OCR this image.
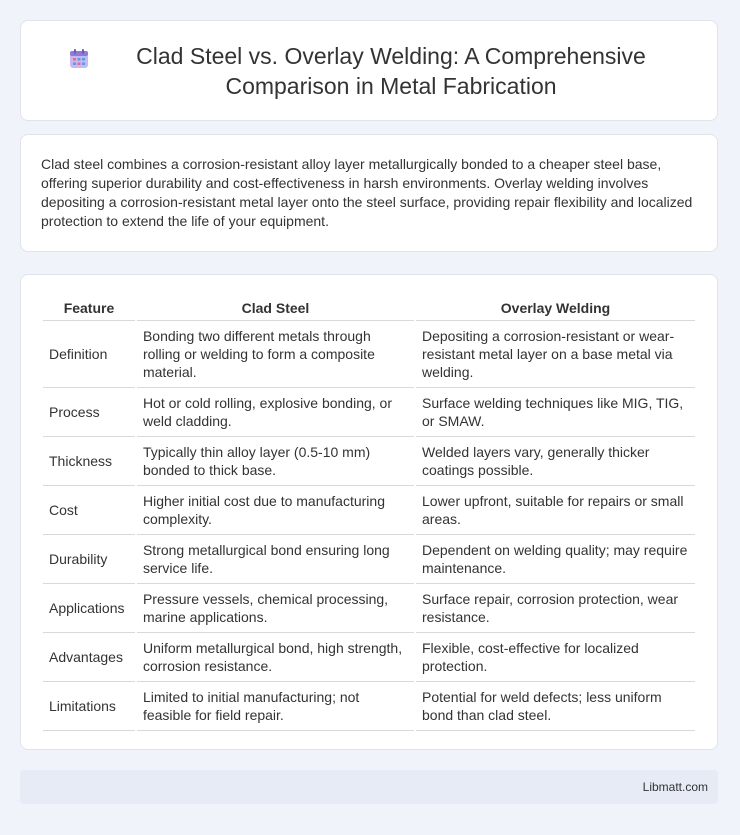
Clad Steel vs. Overlay Welding: A Comprehensive Comparison in Metal Fabrication

Clad steel combines a corrosion-resistant alloy layer metallurgically bonded to a cheaper steel base, offering superior durability and cost-effectiveness in harsh environments. Overlay welding involves depositing a corrosion-resistant metal layer onto the steel surface, providing repair flexibility and localized protection to extend the life of your equipment.

Feature	Clad Steel	Overlay Welding
Definition	Bonding two different metals through rolling or welding to form a composite material.	Depositing a corrosion-resistant or wear-resistant metal layer on a base metal via welding.
Process	Hot or cold rolling, explosive bonding, or weld cladding.	Surface welding techniques like MIG, TIG, or SMAW.
Thickness	Typically thin alloy layer (0.5-10 mm) bonded to thick base.	Welded layers vary, generally thicker coatings possible.
Cost	Higher initial cost due to manufacturing complexity.	Lower upfront, suitable for repairs or small areas.
Durability	Strong metallurgical bond ensuring long service life.	Dependent on welding quality; may require maintenance.
Applications	Pressure vessels, chemical processing, marine applications.	Surface repair, corrosion protection, wear resistance.
Advantages	Uniform metallurgical bond, high strength, corrosion resistance.	Flexible, cost-effective for localized protection.
Limitations	Limited to initial manufacturing; not feasible for field repair.	Potential for weld defects; less uniform bond than clad steel.
Libmatt.com
